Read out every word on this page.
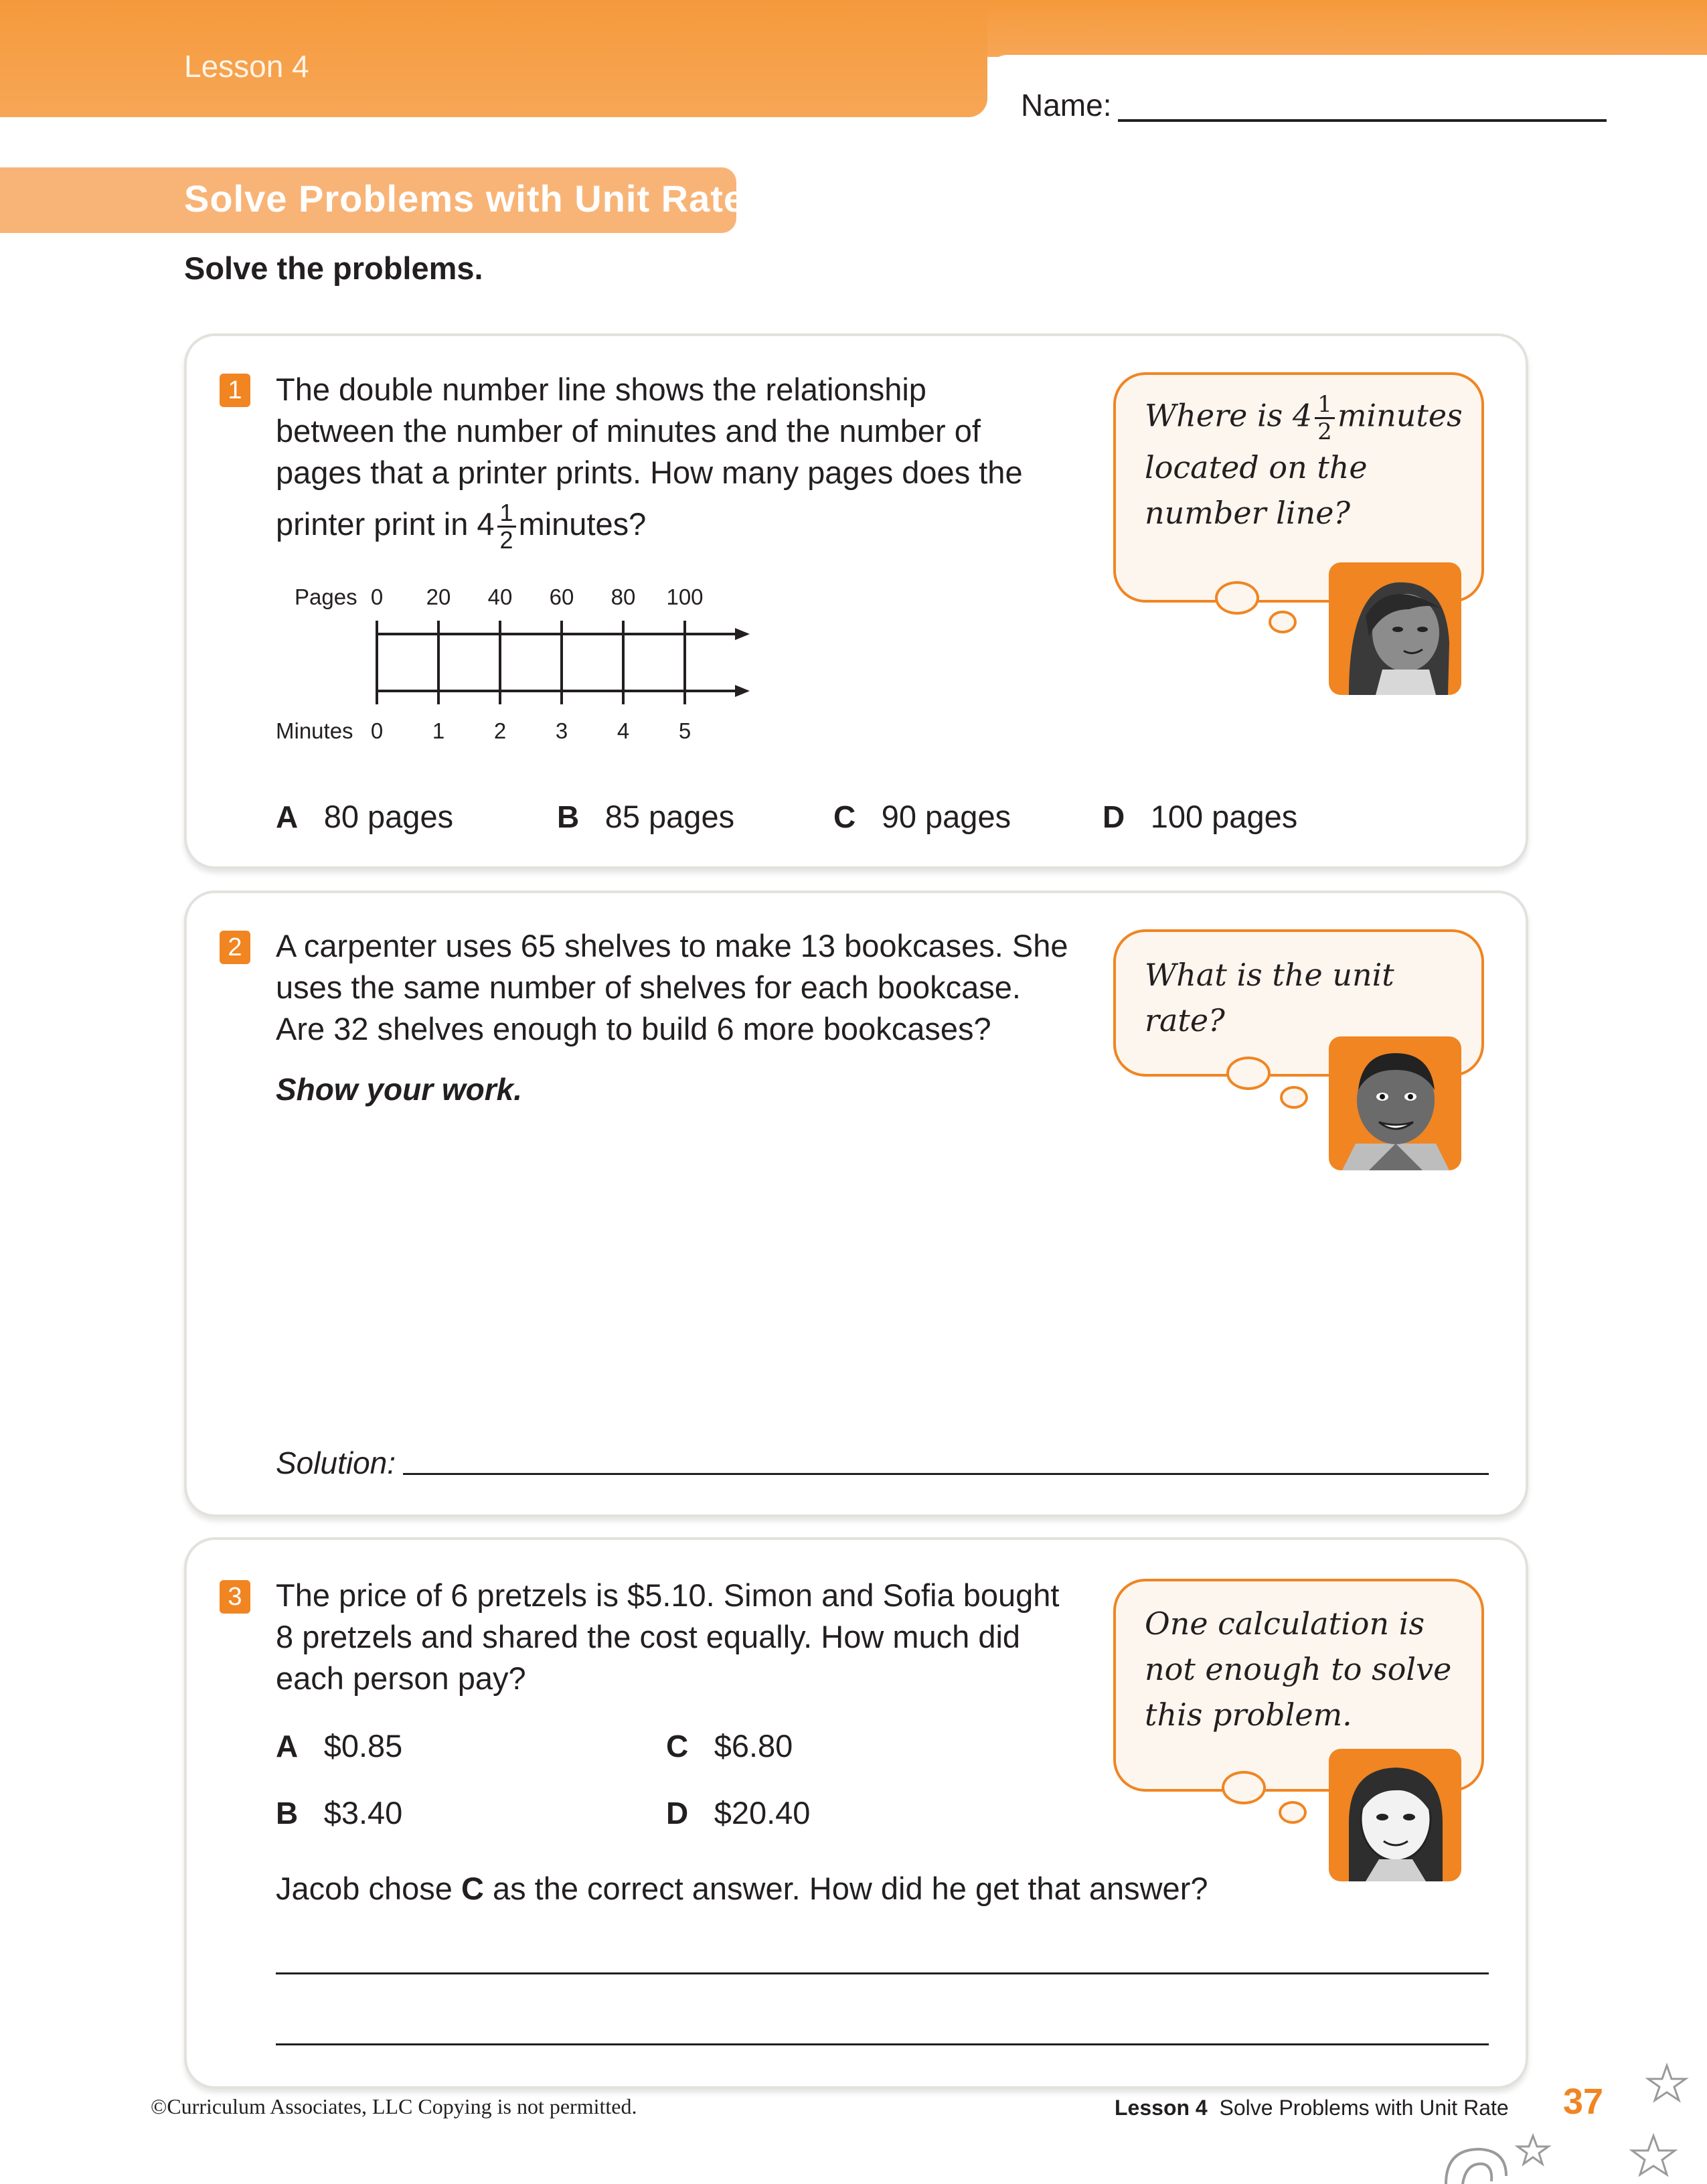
Lesson 4
Name:
Solve Problems with Unit Rate
Solve the problems.
1 The double number line shows the relationship
between the number of minutes and the number of
pages that a printer prints. How many pages does the
printer print in $4 \frac{1}{2}$ minutes?
Pages
Minutes
0 20 40 60 80 100
0 1 2 3 4 5
A 80 pages	B 85 pages	C 90 pages	D 100 pages
Where is $4 \frac{1}{2}$ minutes
located on the
number line?
2 A carpenter uses 65 shelves to make 13 bookcases. She
uses the same number of shelves for each bookcase.
Are 32 shelves enough to build 6 more bookcases?
Show your work.
Solution:
What is the unit
rate?
3 The price of 6 pretzels is $5.10. Simon and Sofia bought
8 pretzels and shared the cost equally. How much did
each person pay?
A $0.85	C $6.80
B $3.40	D $20.40
Jacob chose C as the correct answer. How did he get that answer?
One calculation is
not enough to solve
this problem.
©Curriculum Associates, LLC Copying is not permitted.	Lesson 4 Solve Problems with Unit Rate 37
